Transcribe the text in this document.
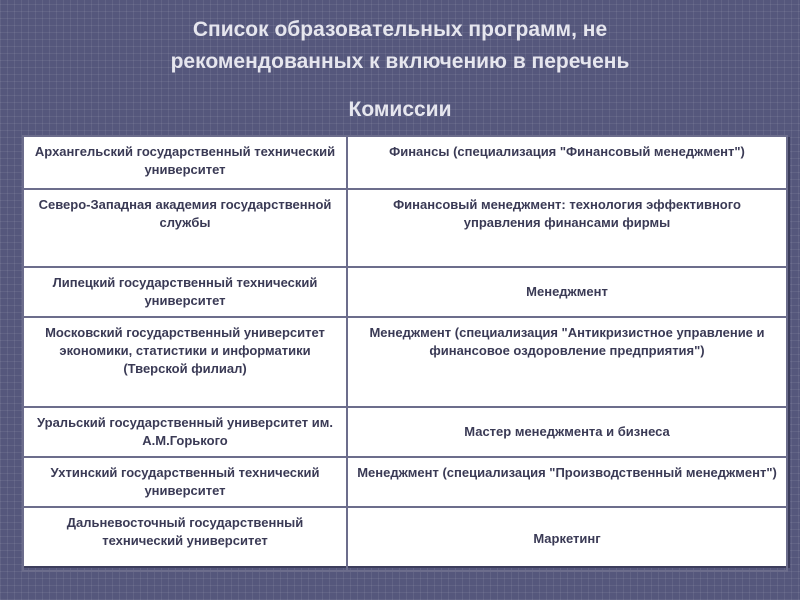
Список образовательных программ, не
рекомендованных к включению в перечень
Комиссии
Архангельский государственный технический университет	Финансы (специализация "Финансовый менеджмент")
Северо-Западная академия государственной службы	Финансовый менеджмент: технология эффективного управления финансами фирмы
Липецкий государственный технический университет	Менеджмент
Московский государственный университет экономики, статистики и информатики (Тверской филиал)	Менеджмент (специализация "Антикризистное управление и финансовое оздоровление предприятия")
Уральский государственный университет им. А.М.Горького	Мастер менеджмента и бизнеса
Ухтинский государственный технический университет	Менеджмент (специализация "Производственный менеджмент")
Дальневосточный государственный технический университет	Маркетинг
